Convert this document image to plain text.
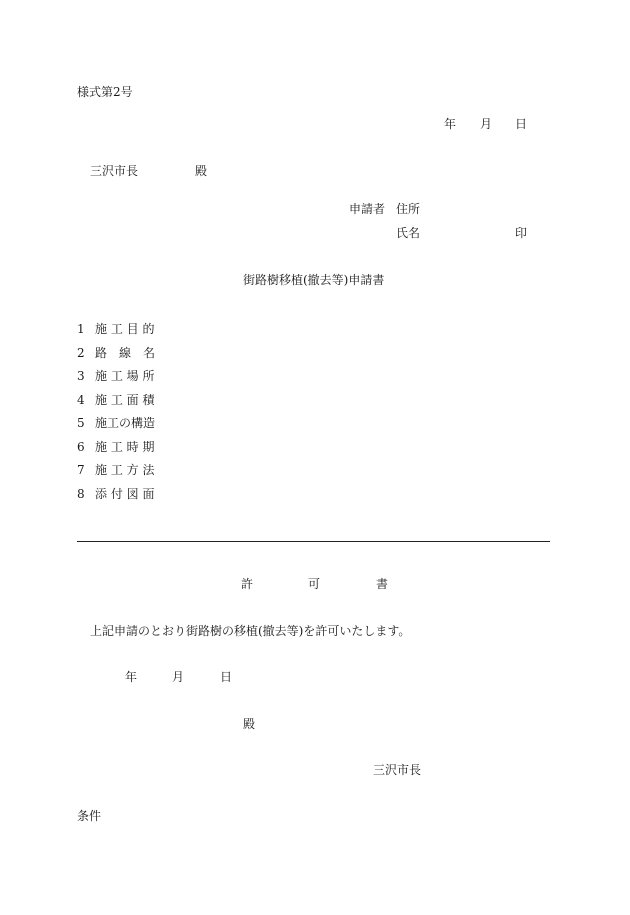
様式第2号
年 月 日
三沢市長	殿
申請者 住所
氏名	印
街路樹移植(撤去等)申請書
1 施 工 目 的
2 路　線　名
3 施 工 場 所
4 施 工 面 積
5 施工の構造
6 施 工 時 期
7 施 工 方 法
8 添 付 図 面
許	可	書
上記申請のとおり街路樹の移植(撤去等)を許可いたします。
年	月	日
殿
三沢市長
条件
